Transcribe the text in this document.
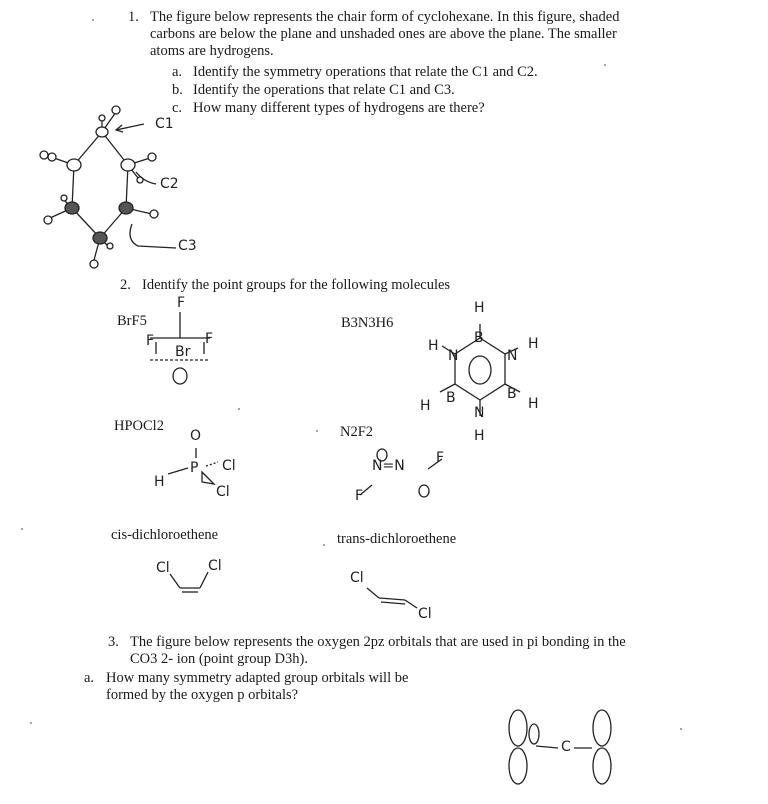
1. The figure below represents the chair form of cyclohexane. In this figure, shaded carbons are below the plane and unshaded ones are above the plane. The smaller atoms are hydrogens.
a. Identify the symmetry operations that relate the C1 and C2.
b. Identify the operations that relate C1 and C3.
c. How many different types of hydrogens are there?
C1
C2
C3
2. Identify the point groups for the following molecules
BrF5	B3N3H6
HPOCl2	N2F2
cis-dichloroethene	trans-dichloroethene
F
Br
F	F
H
B
N	N
H	H
B	B
N
H	H
H
O
P
H
Cl
Cl
N=N F
F
Cl	Cl
Cl
Cl
3. The figure below represents the oxygen 2pz orbitals that are used in pi bonding in the CO3 2- ion (point group D3h).
a. How many symmetry adapted group orbitals will be formed by the oxygen p orbitals?
C
